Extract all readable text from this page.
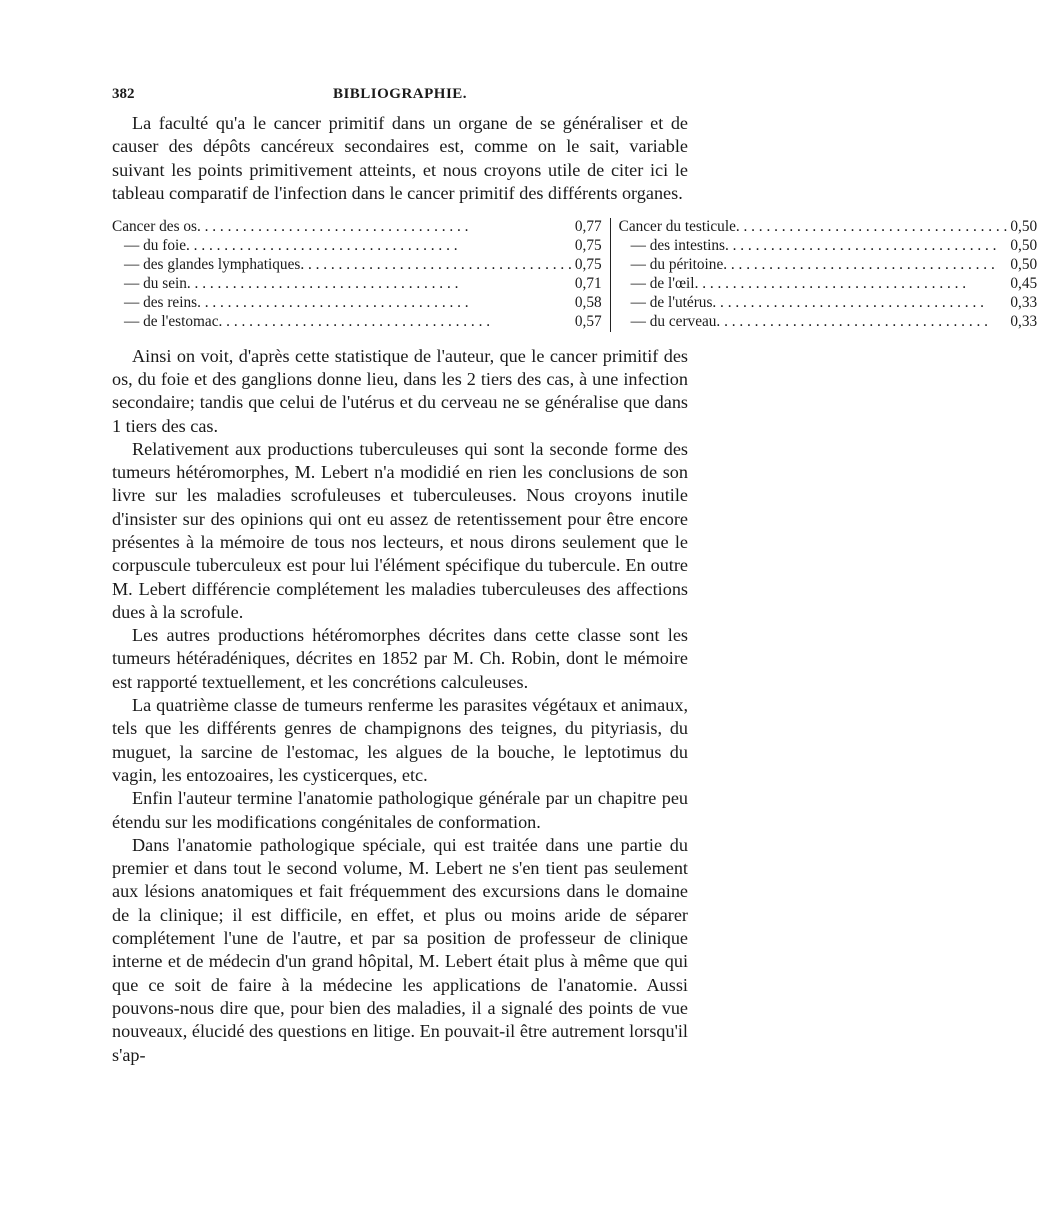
382	BIBLIOGRAPHIE.

La faculté qu'a le cancer primitif dans un organe de se généraliser et de causer des dépôts cancéreux secondaires est, comme on le sait, variable suivant les points primitivement atteints, et nous croyons utile de citer ici le tableau comparatif de l'infection dans le cancer primitif des différents organes.

Cancer des os . . .	0,77
— du foie . . .	0,75
— des glandes lymphatiques . . .	0,75
— du sein . . .	0,71
— des reins . . .	0,58
— de l'estomac . . .	0,57
Cancer du testicule . . .	0,50
— des intestins . . .	0,50
— du péritoine . . .	0,50
— de l'œil . . .	0,45
— de l'utérus . . .	0,33
— du cerveau . . .	0,33

Ainsi on voit, d'après cette statistique de l'auteur, que le cancer primitif des os, du foie et des ganglions donne lieu, dans les 2 tiers des cas, à une infection secondaire; tandis que celui de l'utérus et du cerveau ne se généralise que dans 1 tiers des cas.

Relativement aux productions tuberculeuses qui sont la seconde forme des tumeurs hétéromorphes, M. Lebert n'a modidié en rien les conclusions de son livre sur les maladies scrofuleuses et tuberculeuses. Nous croyons inutile d'insister sur des opinions qui ont eu assez de retentissement pour être encore présentes à la mémoire de tous nos lecteurs, et nous dirons seulement que le corpuscule tuberculeux est pour lui l'élément spécifique du tubercule. En outre M. Lebert différencie complétement les maladies tuberculeuses des affections dues à la scrofule.

Les autres productions hétéromorphes décrites dans cette classe sont les tumeurs hétéradéniques, décrites en 1852 par M. Ch. Robin, dont le mémoire est rapporté textuellement, et les concrétions calculeuses.

La quatrième classe de tumeurs renferme les parasites végétaux et animaux, tels que les différents genres de champignons des teignes, du pityriasis, du muguet, la sarcine de l'estomac, les algues de la bouche, le leptotimus du vagin, les entozoaires, les cysticerques, etc.

Enfin l'auteur termine l'anatomie pathologique générale par un chapitre peu étendu sur les modifications congénitales de conformation.

Dans l'anatomie pathologique spéciale, qui est traitée dans une partie du premier et dans tout le second volume, M. Lebert ne s'en tient pas seulement aux lésions anatomiques et fait fréquemment des excursions dans le domaine de la clinique; il est difficile, en effet, et plus ou moins aride de séparer complétement l'une de l'autre, et par sa position de professeur de clinique interne et de médecin d'un grand hôpital, M. Lebert était plus à même que qui que ce soit de faire à la médecine les applications de l'anatomie. Aussi pouvons-nous dire que, pour bien des maladies, il a signalé des points de vue nouveaux, élucidé des questions en litige. En pouvait-il être autrement lorsqu'il s'ap-
